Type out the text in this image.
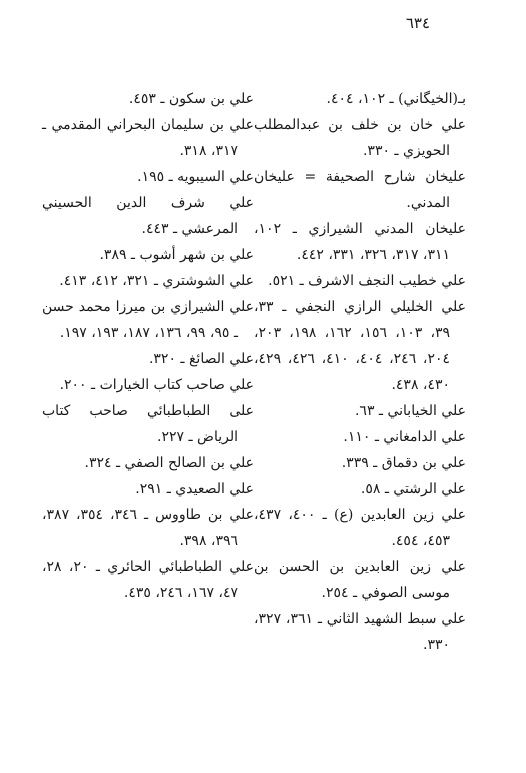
٦٣٤

بـ(الخيگاني) ـ ١٠٢، ٤٠٤.

علي خان بن خلف بن عبدالمطلب الحويزي ـ ٣٣٠.

عليخان شارح الصحيفة = عليخان المدني.

عليخان المدني الشيرازي ـ ١٠٢، ٣١١، ٣١٧، ٣٢٦، ٣٣١، ٤٤٢.

علي خطيب النجف الاشرف ـ ٥٢١.

علي الخليلي الرازي النجفي ـ ٣٣، ٣٩، ١٠٣، ١٥٦، ١٦٢، ١٩٨، ٢٠٣، ٢٠٤، ٢٤٦، ٤٠٤، ٤١٠، ٤٢٦، ٤٢٩، ٤٣٠، ٤٣٨.

علي الخياباني ـ ٦٣.

علي الدامغاني ـ ١١٠.

علي بن دقماق ـ ٣٣٩.

علي الرشتي ـ ٥٨.

علي زين العابدين (ع) ـ ٤٠٠، ٤٣٧، ٤٥٣، ٤٥٤.

علي زين العابدين بن الحسن بن موسى الصوفي ـ ٢٥٤.

علي سبط الشهيد الثاني ـ ٣٦١، ٣٢٧، ٣٣٠.

علي بن سكون ـ ٤٥٣.

علي بن سليمان البحراني المقدمي ـ ٣١٧، ٣١٨.

علي السيبويه ـ ١٩٥.

علي شرف الدين الحسيني المرعشي ـ ٤٤٣.

علي بن شهر أشوب ـ ٣٨٩.

علي الشوشتري ـ ٣٢١، ٤١٢، ٤١٣.

علي الشيرازي بن ميرزا محمد حسن ـ ٩٥، ٩٩، ١٣٦، ١٨٧، ١٩٣، ١٩٧.

علي الصائغ ـ ٣٢٠.

علي صاحب كتاب الخيارات ـ ٢٠٠.

على الطباطبائي صاحب كتاب الرياض ـ ٢٢٧.

علي بن الصالح الصفي ـ ٣٢٤.

علي الصعيدي ـ ٢٩١.

علي بن طاووس ـ ٣٤٦، ٣٥٤، ٣٨٧، ٣٩٦، ٣٩٨.

علي الطباطبائي الحائري ـ ٢٠، ٢٨، ٤٧، ١٦٧، ٢٤٦، ٤٣٥.
